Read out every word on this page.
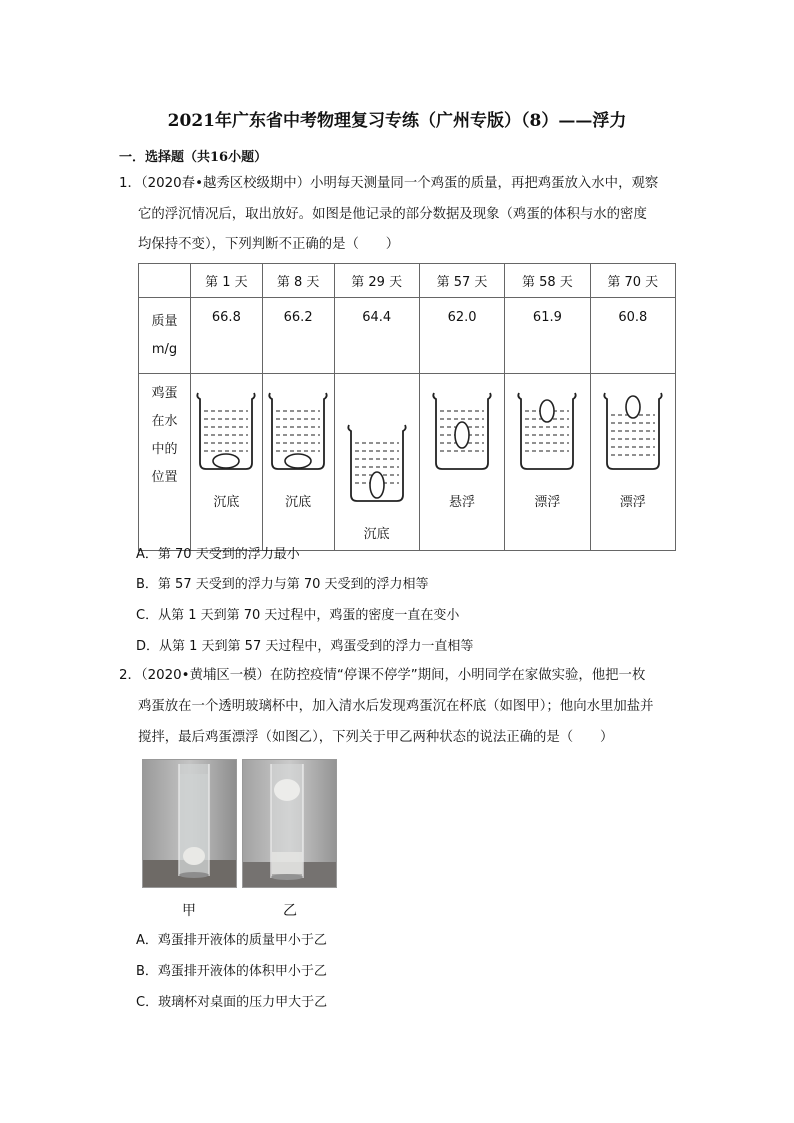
2021年广东省中考物理复习专练（广州专版）（8）——浮力
一．选择题（共16小题）
1．（2020春•越秀区校级期中）小明每天测量同一个鸡蛋的质量，再把鸡蛋放入水中，观察
它的浮沉情况后，取出放好。如图是他记录的部分数据及现象（鸡蛋的体积与水的密度
均保持不变），下列判断不正确的是（　　）
	第 1 天	第 8 天	第 29 天	第 57 天	第 58 天	第 70 天

质量
m/g	66.8	66.2	64.4	62.0	61.9	60.8

鸡蛋
在水
中的
位置	沉底	沉底	沉底	悬浮	漂浮	漂浮
A．第 70 天受到的浮力最小
B．第 57 天受到的浮力与第 70 天受到的浮力相等
C．从第 1 天到第 70 天过程中，鸡蛋的密度一直在变小
D．从第 1 天到第 57 天过程中，鸡蛋受到的浮力一直相等
2．（2020•黄埔区一模）在防控疫情“停课不停学”期间，小明同学在家做实验，他把一枚
鸡蛋放在一个透明玻璃杯中，加入清水后发现鸡蛋沉在杯底（如图甲）；他向水里加盐并
搅拌，最后鸡蛋漂浮（如图乙），下列关于甲乙两种状态的说法正确的是（　　）
甲	乙
A．鸡蛋排开液体的质量甲小于乙
B．鸡蛋排开液体的体积甲小于乙
C．玻璃杯对桌面的压力甲大于乙
